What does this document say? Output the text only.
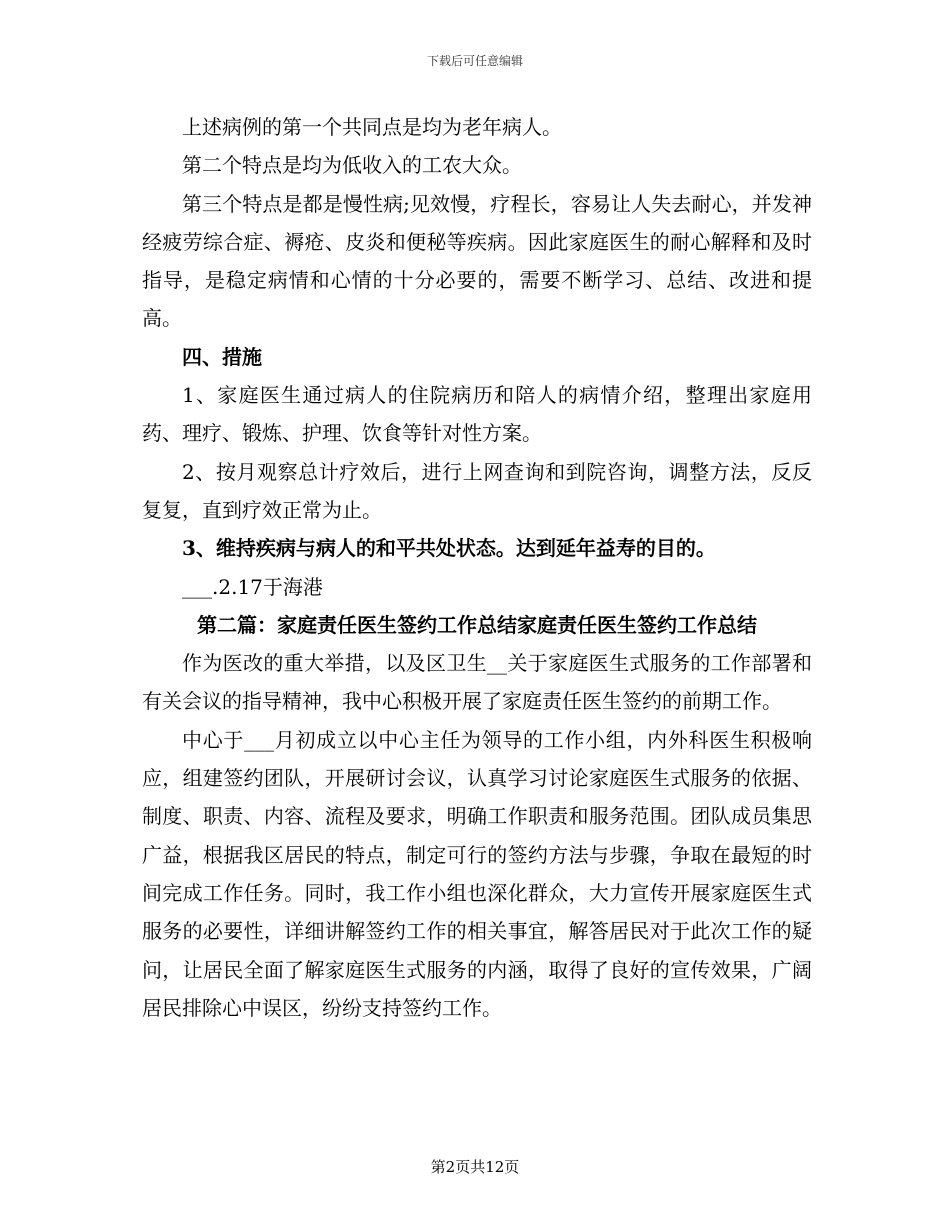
下载后可任意编辑

上述病例的第一个共同点是均为老年病人。

第二个特点是均为低收入的工农大众。

第三个特点是都是慢性病;见效慢，疗程长，容易让人失去耐心，并发神经疲劳综合症、褥疮、皮炎和便秘等疾病。因此家庭医生的耐心解释和及时指导，是稳定病情和心情的十分必要的，需要不断学习、总结、改进和提高。

四、措施

1、家庭医生通过病人的住院病历和陪人的病情介绍，整理出家庭用药、理疗、锻炼、护理、饮食等针对性方案。

2、按月观察总计疗效后，进行上网查询和到院咨询，调整方法，反反复复，直到疗效正常为止。

3、维持疾病与病人的和平共处状态。达到延年益寿的目的。

___.2.17于海港

第二篇：家庭责任医生签约工作总结家庭责任医生签约工作总结

作为医改的重大举措，以及区卫生__关于家庭医生式服务的工作部署和有关会议的指导精神，我中心积极开展了家庭责任医生签约的前期工作。

中心于___月初成立以中心主任为领导的工作小组，内外科医生积极响应，组建签约团队，开展研讨会议，认真学习讨论家庭医生式服务的依据、制度、职责、内容、流程及要求，明确工作职责和服务范围。团队成员集思广益，根据我区居民的特点，制定可行的签约方法与步骤，争取在最短的时间完成工作任务。同时，我工作小组也深化群众，大力宣传开展家庭医生式服务的必要性，详细讲解签约工作的相关事宜，解答居民对于此次工作的疑问，让居民全面了解家庭医生式服务的内涵，取得了良好的宣传效果，广阔居民排除心中误区，纷纷支持签约工作。

第2页共12页
